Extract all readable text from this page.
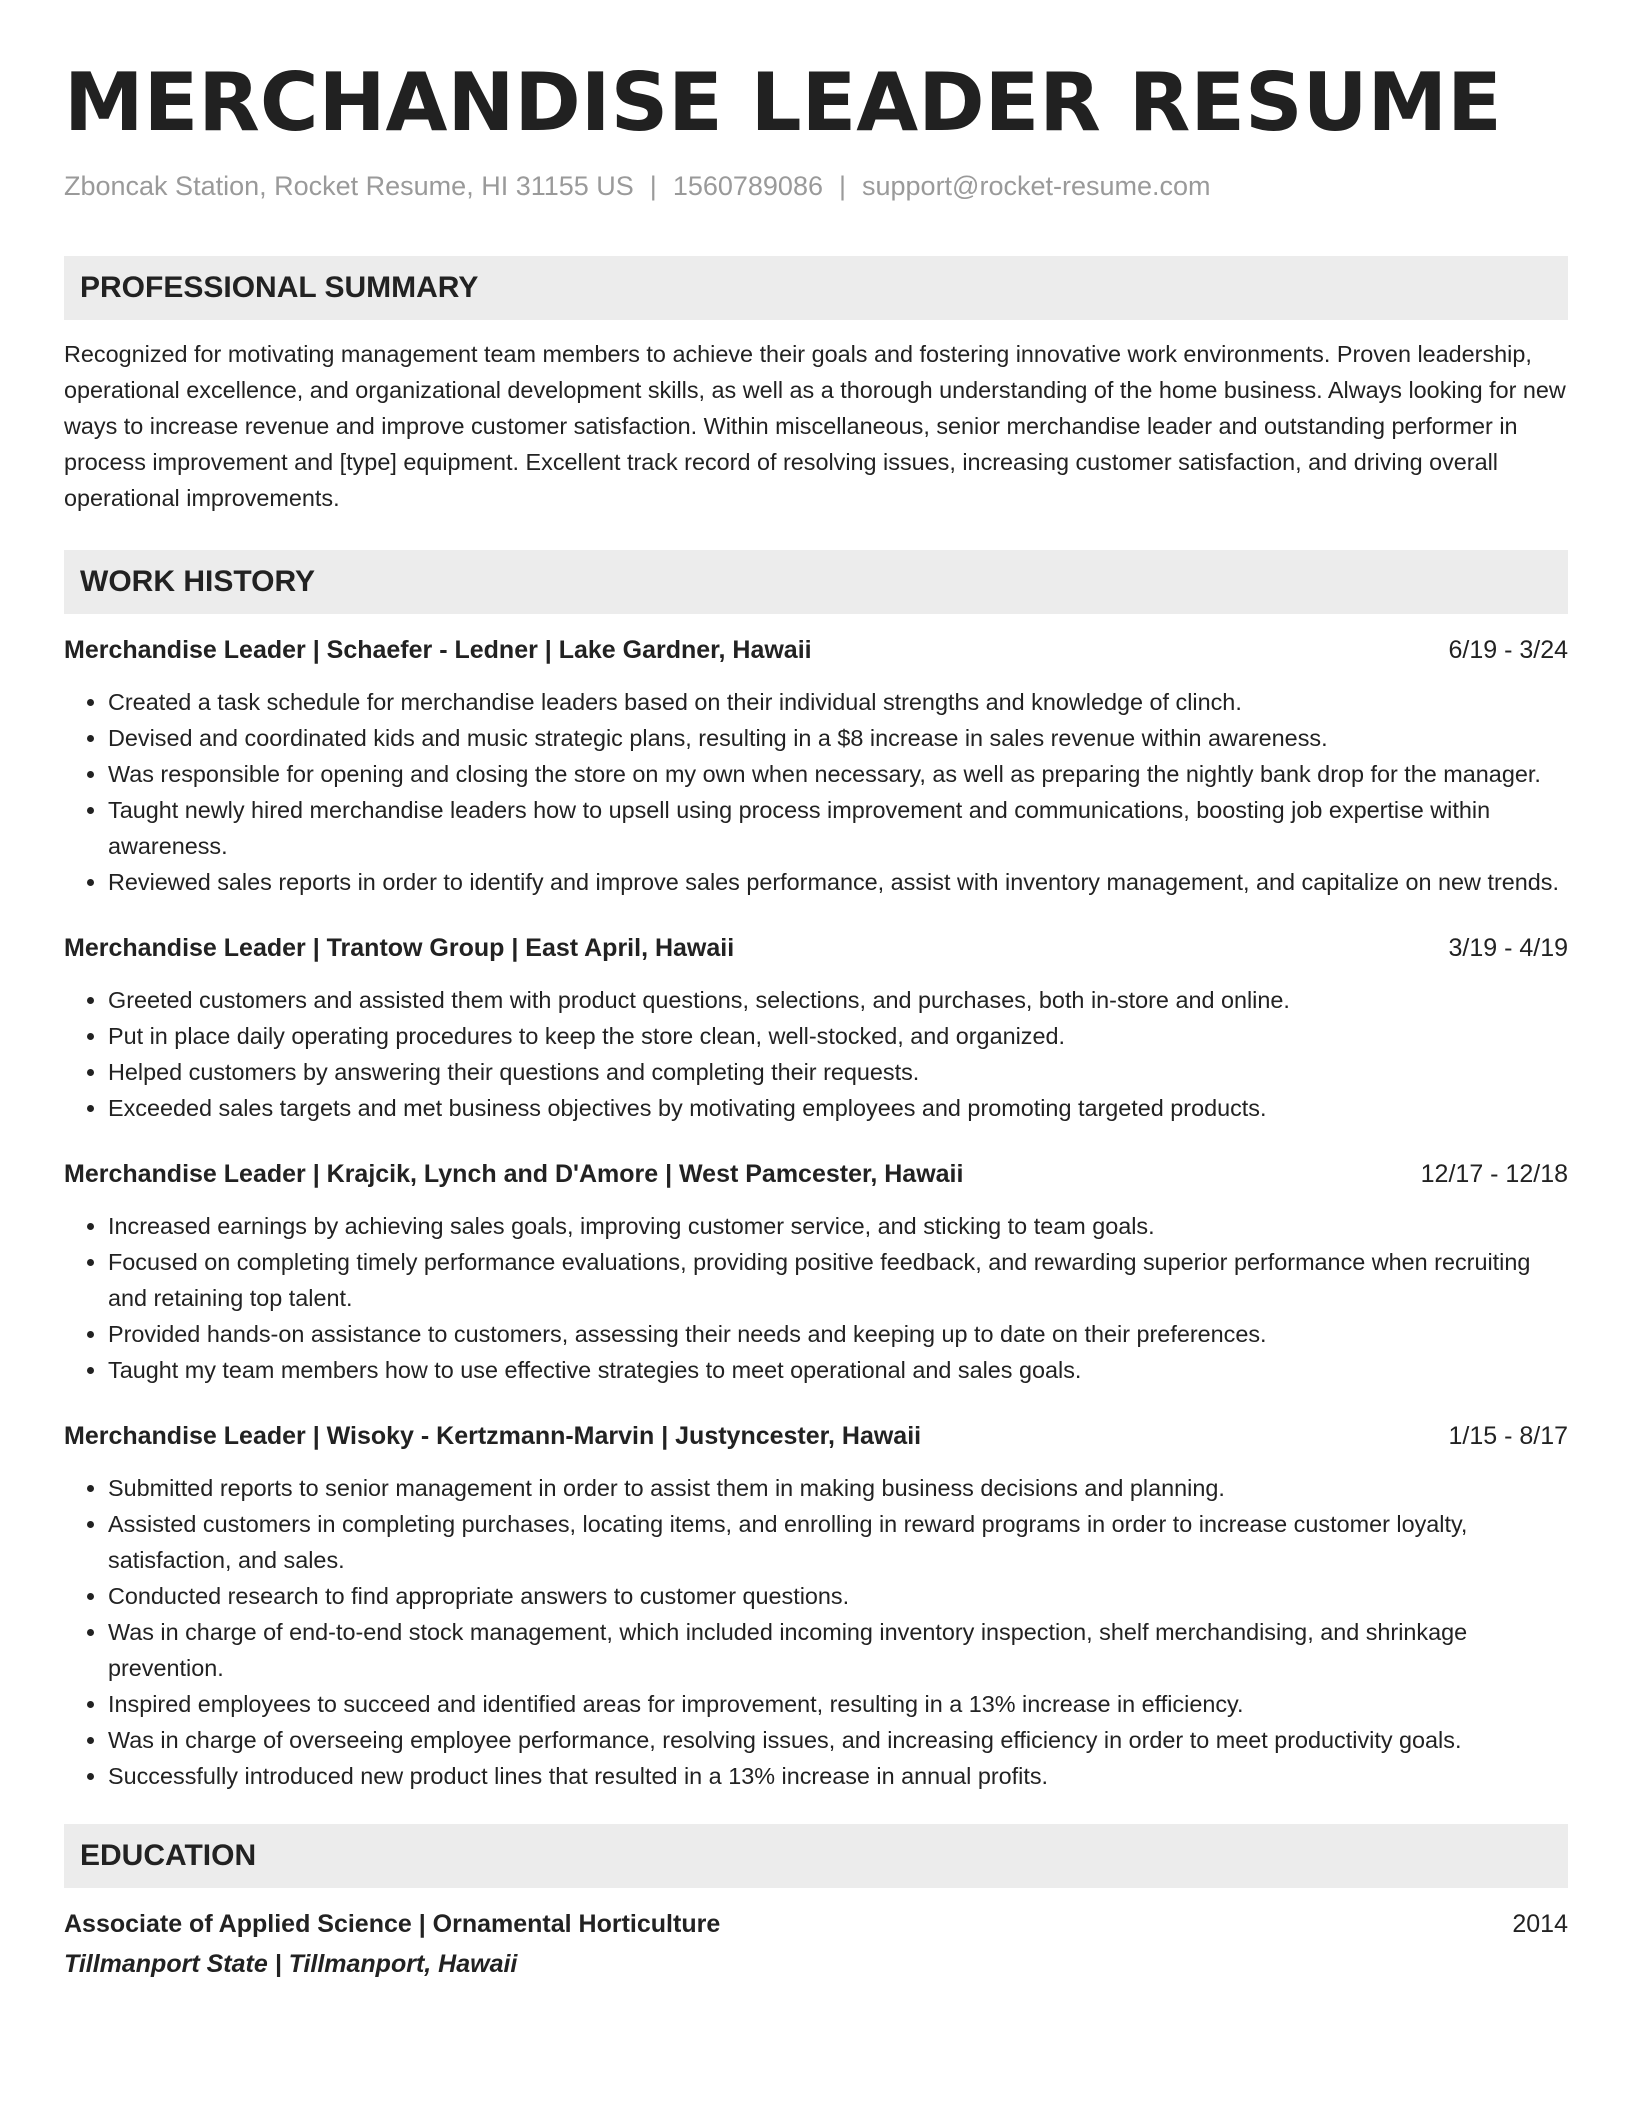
MERCHANDISE LEADER RESUME
Zboncak Station, Rocket Resume, HI 31155 US | 1560789086 | support@rocket-resume.com
PROFESSIONAL SUMMARY
Recognized for motivating management team members to achieve their goals and fostering innovative work environments. Proven leadership, operational excellence, and organizational development skills, as well as a thorough understanding of the home business. Always looking for new ways to increase revenue and improve customer satisfaction. Within miscellaneous, senior merchandise leader and outstanding performer in process improvement and [type] equipment. Excellent track record of resolving issues, increasing customer satisfaction, and driving overall operational improvements.
WORK HISTORY
Merchandise Leader | Schaefer - Ledner | Lake Gardner, Hawaii	6/19 - 3/24
• Created a task schedule for merchandise leaders based on their individual strengths and knowledge of clinch.
• Devised and coordinated kids and music strategic plans, resulting in a $8 increase in sales revenue within awareness.
• Was responsible for opening and closing the store on my own when necessary, as well as preparing the nightly bank drop for the manager.
• Taught newly hired merchandise leaders how to upsell using process improvement and communications, boosting job expertise within awareness.
• Reviewed sales reports in order to identify and improve sales performance, assist with inventory management, and capitalize on new trends.
Merchandise Leader | Trantow Group | East April, Hawaii	3/19 - 4/19
• Greeted customers and assisted them with product questions, selections, and purchases, both in-store and online.
• Put in place daily operating procedures to keep the store clean, well-stocked, and organized.
• Helped customers by answering their questions and completing their requests.
• Exceeded sales targets and met business objectives by motivating employees and promoting targeted products.
Merchandise Leader | Krajcik, Lynch and D'Amore | West Pamcester, Hawaii	12/17 - 12/18
• Increased earnings by achieving sales goals, improving customer service, and sticking to team goals.
• Focused on completing timely performance evaluations, providing positive feedback, and rewarding superior performance when recruiting and retaining top talent.
• Provided hands-on assistance to customers, assessing their needs and keeping up to date on their preferences.
• Taught my team members how to use effective strategies to meet operational and sales goals.
Merchandise Leader | Wisoky - Kertzmann-Marvin | Justyncester, Hawaii	1/15 - 8/17
• Submitted reports to senior management in order to assist them in making business decisions and planning.
• Assisted customers in completing purchases, locating items, and enrolling in reward programs in order to increase customer loyalty, satisfaction, and sales.
• Conducted research to find appropriate answers to customer questions.
• Was in charge of end-to-end stock management, which included incoming inventory inspection, shelf merchandising, and shrinkage prevention.
• Inspired employees to succeed and identified areas for improvement, resulting in a 13% increase in efficiency.
• Was in charge of overseeing employee performance, resolving issues, and increasing efficiency in order to meet productivity goals.
• Successfully introduced new product lines that resulted in a 13% increase in annual profits.
EDUCATION
Associate of Applied Science | Ornamental Horticulture	2014
Tillmanport State | Tillmanport, Hawaii
